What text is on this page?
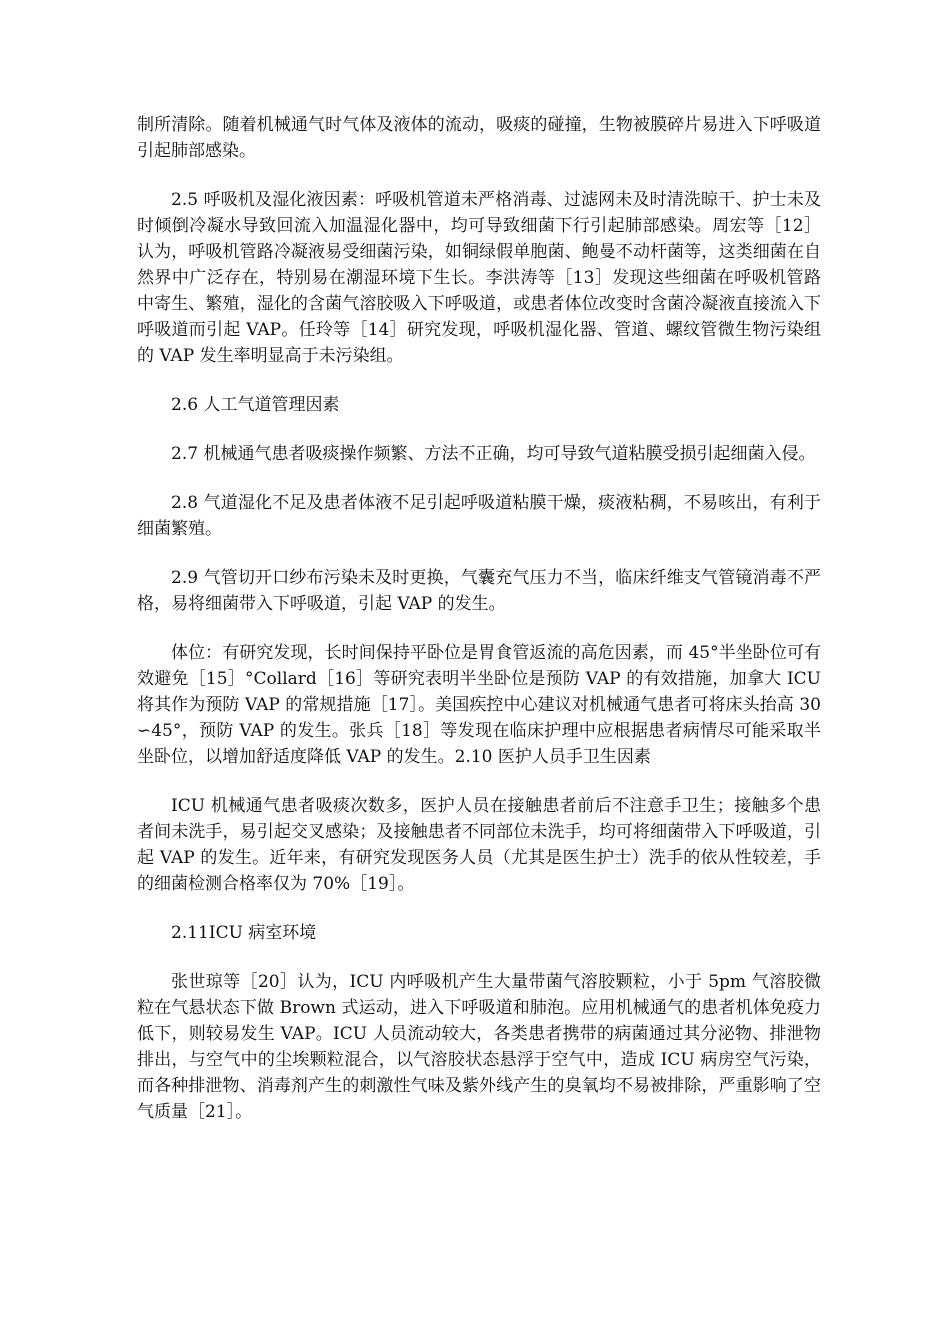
制所清除。随着机械通气时气体及液体的流动，吸痰的碰撞，生物被膜碎片易进入下呼吸道引起肺部感染。

2.5 呼吸机及湿化液因素：呼吸机管道未严格消毒、过滤网未及时清洗晾干、护士未及时倾倒冷凝水导致回流入加温湿化器中，均可导致细菌下行引起肺部感染。周宏等［12］认为，呼吸机管路冷凝液易受细菌污染，如铜绿假单胞菌、鲍曼不动杆菌等，这类细菌在自然界中广泛存在，特别易在潮湿环境下生长。李洪涛等［13］发现这些细菌在呼吸机管路中寄生、繁殖，湿化的含菌气溶胶吸入下呼吸道，或患者体位改变时含菌冷凝液直接流入下呼吸道而引起 VAP。任玲等［14］研究发现，呼吸机湿化器、管道、螺纹管微生物污染组的 VAP 发生率明显高于未污染组。

2.6 人工气道管理因素

2.7 机械通气患者吸痰操作频繁、方法不正确，均可导致气道粘膜受损引起细菌入侵。

2.8 气道湿化不足及患者体液不足引起呼吸道粘膜干燥，痰液粘稠，不易咳出，有利于细菌繁殖。

2.9 气管切开口纱布污染未及时更换，气囊充气压力不当，临床纤维支气管镜消毒不严格，易将细菌带入下呼吸道，引起 VAP 的发生。

体位：有研究发现，长时间保持平卧位是胃食管返流的高危因素，而 45°半坐卧位可有效避免［15］°Collard［16］等研究表明半坐卧位是预防 VAP 的有效措施，加拿大 ICU 将其作为预防 VAP 的常规措施［17］。美国疾控中心建议对机械通气患者可将床头抬高 30∽45°，预防 VAP 的发生。张兵［18］等发现在临床护理中应根据患者病情尽可能采取半坐卧位，以增加舒适度降低 VAP 的发生。2.10 医护人员手卫生因素

ICU 机械通气患者吸痰次数多，医护人员在接触患者前后不注意手卫生；接触多个患者间未洗手，易引起交叉感染；及接触患者不同部位未洗手，均可将细菌带入下呼吸道，引起 VAP 的发生。近年来，有研究发现医务人员（尤其是医生护士）洗手的依从性较差，手的细菌检测合格率仅为 70%［19］。

2.11ICU 病室环境

张世琼等［20］认为，ICU 内呼吸机产生大量带菌气溶胶颗粒，小于 5pm 气溶胶微粒在气悬状态下做 Brown 式运动，进入下呼吸道和肺泡。应用机械通气的患者机体免疫力低下，则较易发生 VAP。ICU 人员流动较大，各类患者携带的病菌通过其分泌物、排泄物排出，与空气中的尘埃颗粒混合，以气溶胶状态悬浮于空气中，造成 ICU 病房空气污染，而各种排泄物、消毒剂产生的刺激性气味及紫外线产生的臭氧均不易被排除，严重影响了空气质量［21］。
